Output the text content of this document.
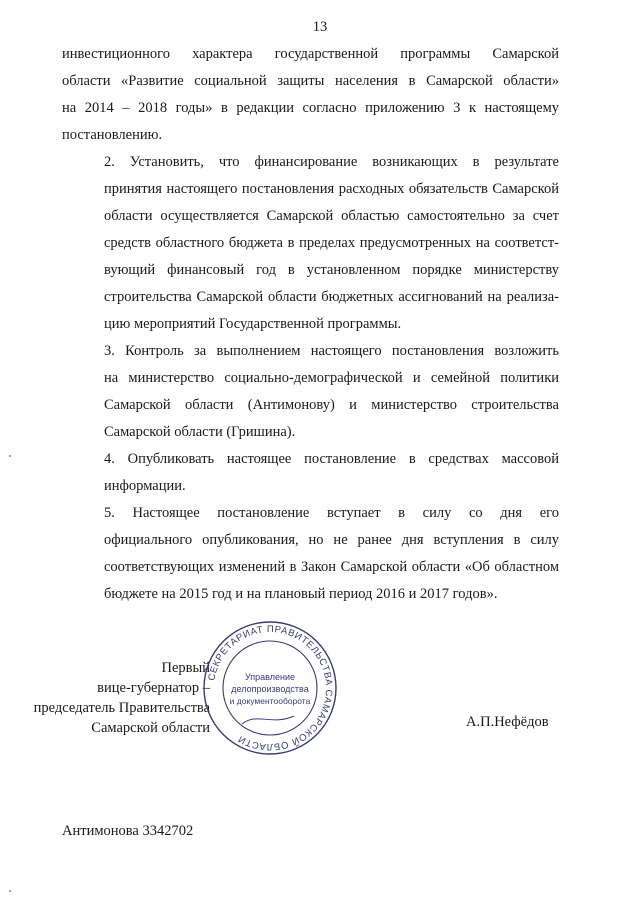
13

инвестиционного характера государственной программы Самарской
области «Развитие социальной защиты населения в Самарской области»
на 2014 – 2018 годы» в редакции согласно приложению 3 к настоящему
постановлению.

2. Установить, что финансирование возникающих в результате
принятия настоящего постановления расходных обязательств Самарской
области осуществляется Самарской областью самостоятельно за счет
средств областного бюджета в пределах предусмотренных на соответст-
вующий финансовый год в установленном порядке министерству
строительства Самарской области бюджетных ассигнований на реализа-
цию мероприятий Государственной программы.

3. Контроль за выполнением настоящего постановления возложить
на министерство социально-демографической и семейной политики
Самарской области (Антимонову) и министерство строительства
Самарской области (Гришина).

4. Опубликовать настоящее постановление в средствах массовой
информации.

5. Настоящее постановление вступает в силу со дня его
официального опубликования, но не ранее дня вступления в силу
соответствующих изменений в Закон Самарской области «Об областном
бюджете на 2015 год и на плановый период 2016 и 2017 годов».

Первый
вице-губернатор –
председатель Правительства
Самарской области	А.П.Нефёдов
СЕКРЕТАРИАТ ПРАВИТЕЛЬСТВА САМАРСКОЙ ОБЛАСТИ
Управление
делопроизводства
и документооборота
Антимонова 3342702
